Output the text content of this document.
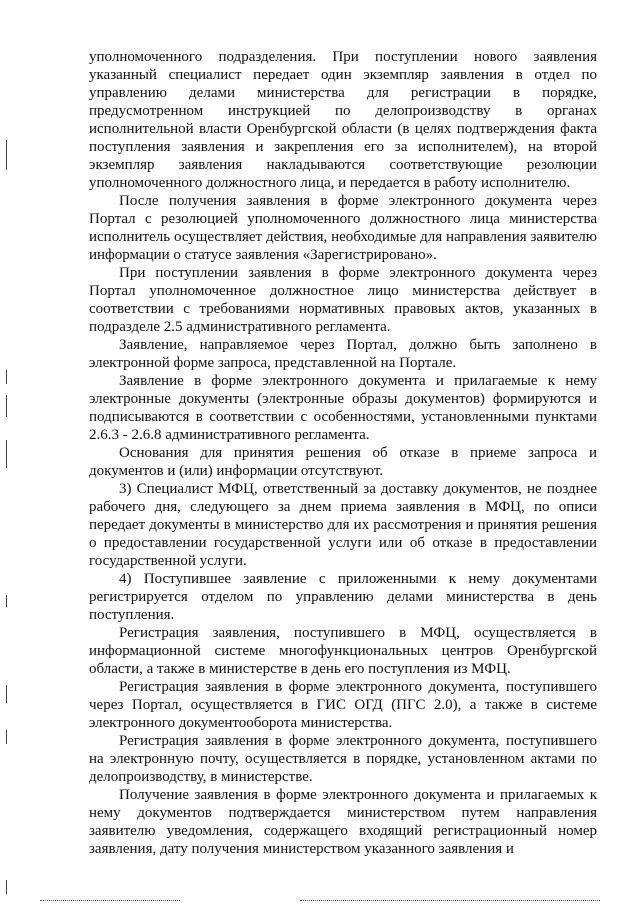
уполномоченного подразделения. При поступлении нового заявления указанный специалист передает один экземпляр заявления в отдел по управлению делами министерства для регистрации в порядке, предусмотренном инструкцией по делопроизводству в органах исполнительной власти Оренбургской области (в целях подтверждения факта поступления заявления и закрепления его за исполнителем), на второй экземпляр заявления накладываются соответствующие резолюции уполномоченного должностного лица, и передается в работу исполнителю.

После получения заявления в форме электронного документа через Портал с резолюцией уполномоченного должностного лица министерства исполнитель осуществляет действия, необходимые для направления заявителю информации о статусе заявления «Зарегистрировано».

При поступлении заявления в форме электронного документа через Портал уполномоченное должностное лицо министерства действует в соответствии с требованиями нормативных правовых актов, указанных в подразделе 2.5 административного регламента.

Заявление, направляемое через Портал, должно быть заполнено в электронной форме запроса, представленной на Портале.

Заявление в форме электронного документа и прилагаемые к нему электронные документы (электронные образы документов) формируются и подписываются в соответствии с особенностями, установленными пунктами 2.6.3 - 2.6.8 административного регламента.

Основания для принятия решения об отказе в приеме запроса и документов и (или) информации отсутствуют.

3) Специалист МФЦ, ответственный за доставку документов, не позднее рабочего дня, следующего за днем приема заявления в МФЦ, по описи передает документы в министерство для их рассмотрения и принятия решения о предоставлении государственной услуги или об отказе в предоставлении государственной услуги.

4) Поступившее заявление с приложенными к нему документами регистрируется отделом по управлению делами министерства в день поступления.

Регистрация заявления, поступившего в МФЦ, осуществляется в информационной системе многофункциональных центров Оренбургской области, а также в министерстве в день его поступления из МФЦ.

Регистрация заявления в форме электронного документа, поступившего через Портал, осуществляется в ГИС ОГД (ПГС 2.0), а также в системе электронного документооборота министерства.

Регистрация заявления в форме электронного документа, поступившего на электронную почту, осуществляется в порядке, установленном актами по делопроизводству, в министерстве.

Получение заявления в форме электронного документа и прилагаемых к нему документов подтверждается министерством путем направления заявителю уведомления, содержащего входящий регистрационный номер заявления, дату получения министерством указанного заявления и
